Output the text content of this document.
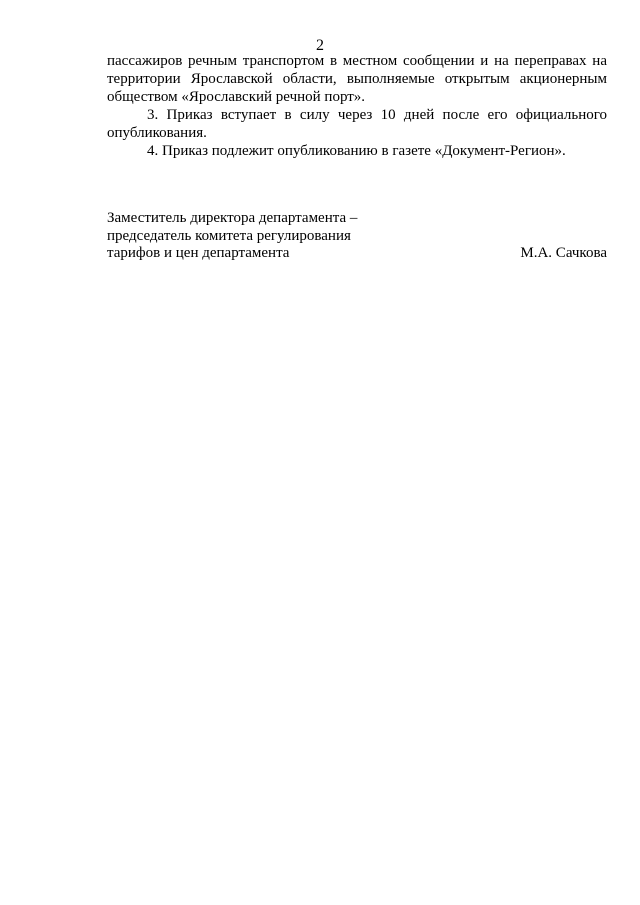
2

пассажиров речным транспортом в местном сообщении и на переправах на территории Ярославской области, выполняемые открытым акционерным обществом «Ярославский речной порт».

3. Приказ вступает в силу через 10 дней после его официального опубликования.

4. Приказ подлежит опубликованию в газете «Документ-Регион».

Заместитель директора департамента –
председатель комитета регулирования
тарифов и цен департамента	М.А. Сачкова
